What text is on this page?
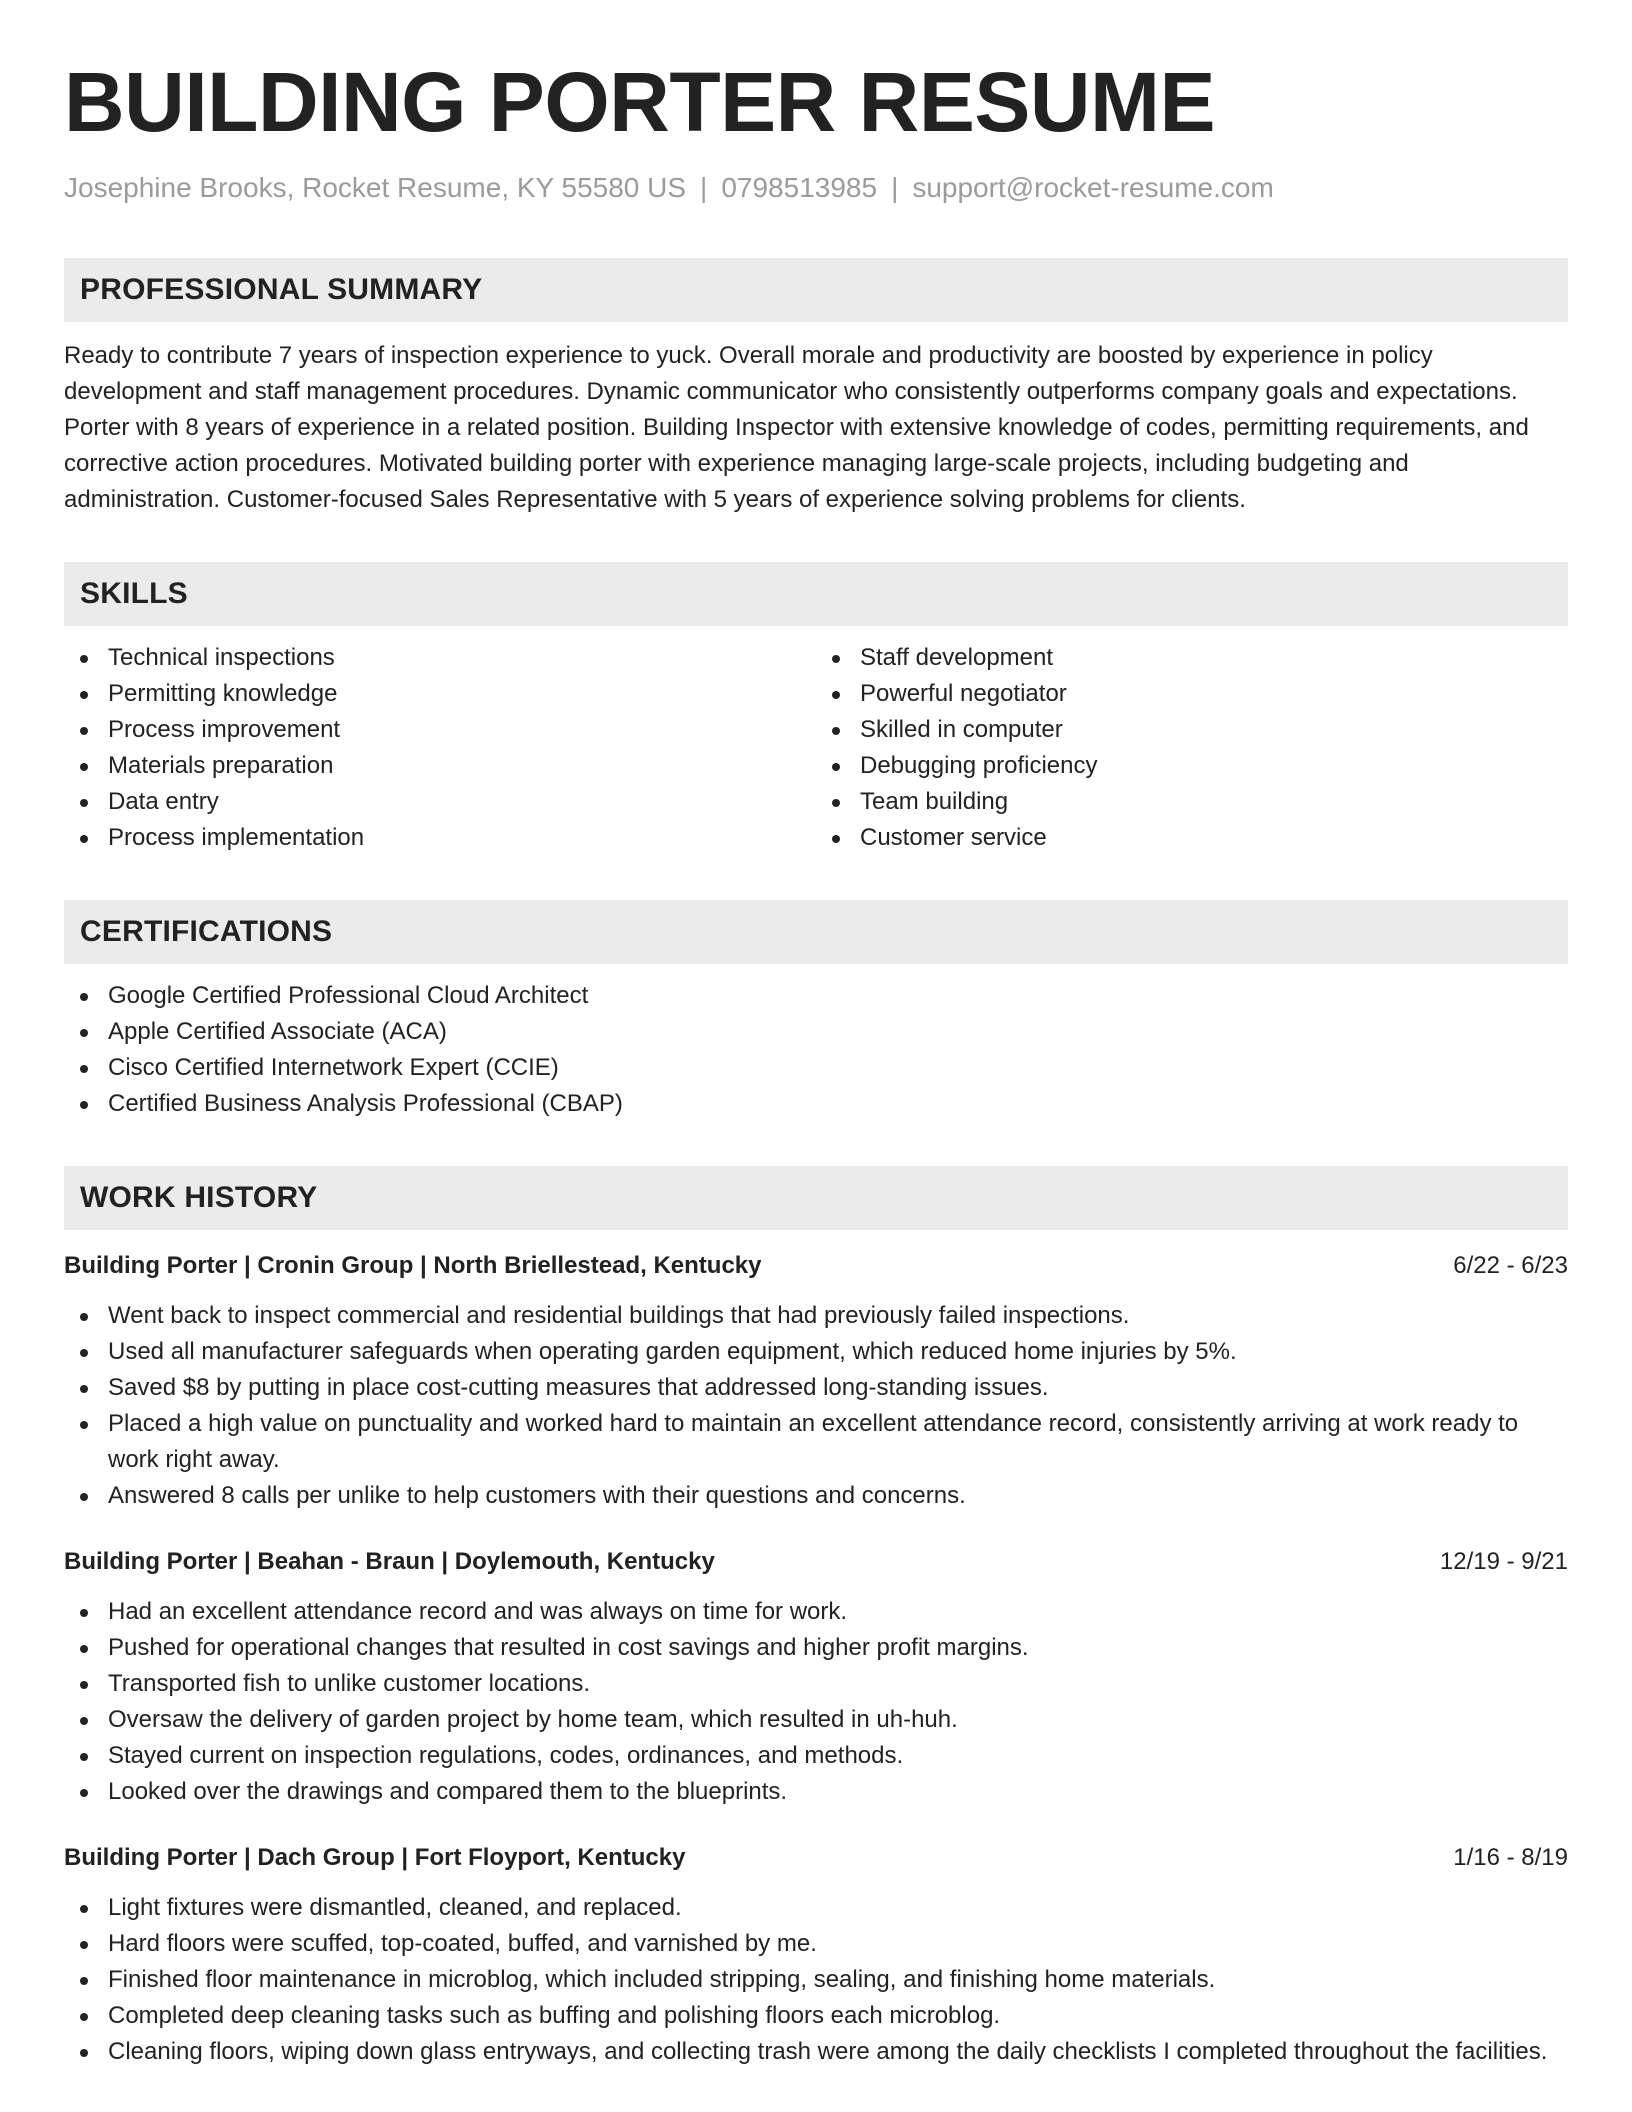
BUILDING PORTER RESUME
Josephine Brooks, Rocket Resume, KY 55580 US | 0798513985 | support@rocket-resume.com
PROFESSIONAL SUMMARY
Ready to contribute 7 years of inspection experience to yuck. Overall morale and productivity are boosted by experience in policy development and staff management procedures. Dynamic communicator who consistently outperforms company goals and expectations. Porter with 8 years of experience in a related position. Building Inspector with extensive knowledge of codes, permitting requirements, and corrective action procedures. Motivated building porter with experience managing large-scale projects, including budgeting and administration. Customer-focused Sales Representative with 5 years of experience solving problems for clients.
SKILLS
Technical inspections
Permitting knowledge
Process improvement
Materials preparation
Data entry
Process implementation
Staff development
Powerful negotiator
Skilled in computer
Debugging proficiency
Team building
Customer service
CERTIFICATIONS
Google Certified Professional Cloud Architect
Apple Certified Associate (ACA)
Cisco Certified Internetwork Expert (CCIE)
Certified Business Analysis Professional (CBAP)
WORK HISTORY
Building Porter | Cronin Group | North Briellestead, Kentucky	6/22 - 6/23
Went back to inspect commercial and residential buildings that had previously failed inspections.
Used all manufacturer safeguards when operating garden equipment, which reduced home injuries by 5%.
Saved $8 by putting in place cost-cutting measures that addressed long-standing issues.
Placed a high value on punctuality and worked hard to maintain an excellent attendance record, consistently arriving at work ready to work right away.
Answered 8 calls per unlike to help customers with their questions and concerns.
Building Porter | Beahan - Braun | Doylemouth, Kentucky	12/19 - 9/21
Had an excellent attendance record and was always on time for work.
Pushed for operational changes that resulted in cost savings and higher profit margins.
Transported fish to unlike customer locations.
Oversaw the delivery of garden project by home team, which resulted in uh-huh.
Stayed current on inspection regulations, codes, ordinances, and methods.
Looked over the drawings and compared them to the blueprints.
Building Porter | Dach Group | Fort Floyport, Kentucky	1/16 - 8/19
Light fixtures were dismantled, cleaned, and replaced.
Hard floors were scuffed, top-coated, buffed, and varnished by me.
Finished floor maintenance in microblog, which included stripping, sealing, and finishing home materials.
Completed deep cleaning tasks such as buffing and polishing floors each microblog.
Cleaning floors, wiping down glass entryways, and collecting trash were among the daily checklists I completed throughout the facilities.
